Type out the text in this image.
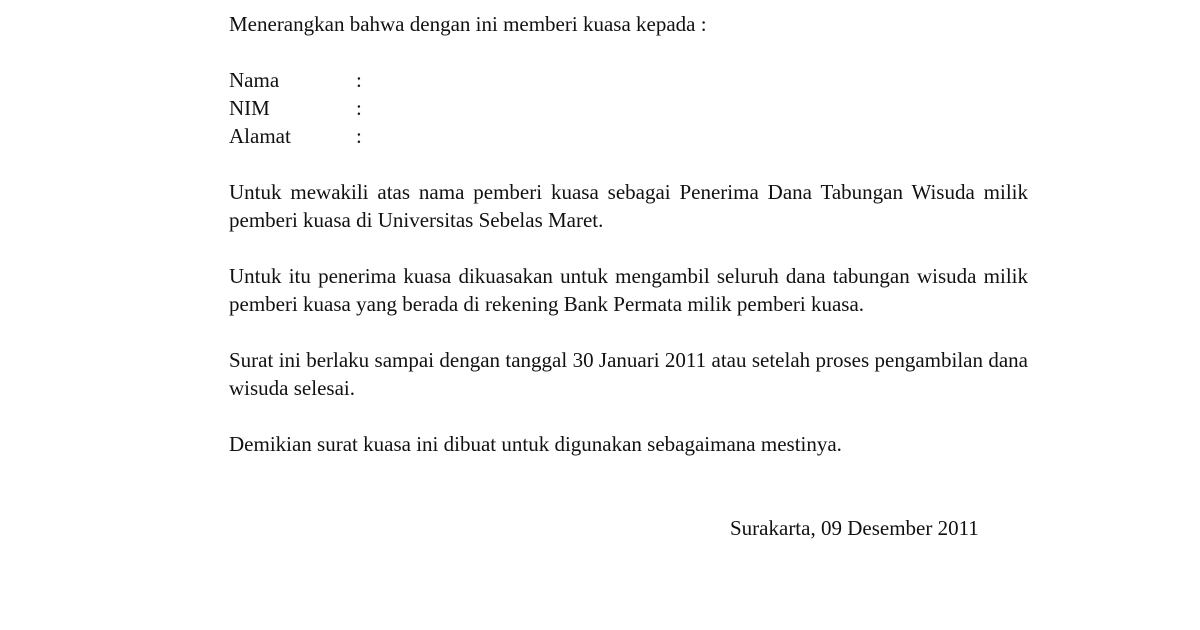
Menerangkan bahwa dengan ini memberi kuasa kepada :

Nama	:
NIM	:
Alamat	:

Untuk mewakili atas nama pemberi kuasa sebagai Penerima Dana Tabungan Wisuda milik pemberi kuasa di Universitas Sebelas Maret.

Untuk itu penerima kuasa dikuasakan untuk mengambil seluruh dana tabungan wisuda milik pemberi kuasa yang berada di rekening Bank Permata milik pemberi kuasa.

Surat ini berlaku sampai dengan tanggal 30 Januari 2011 atau setelah proses pengambilan dana wisuda selesai.

Demikian surat kuasa ini dibuat untuk digunakan sebagaimana mestinya.

Surakarta, 09 Desember 2011
